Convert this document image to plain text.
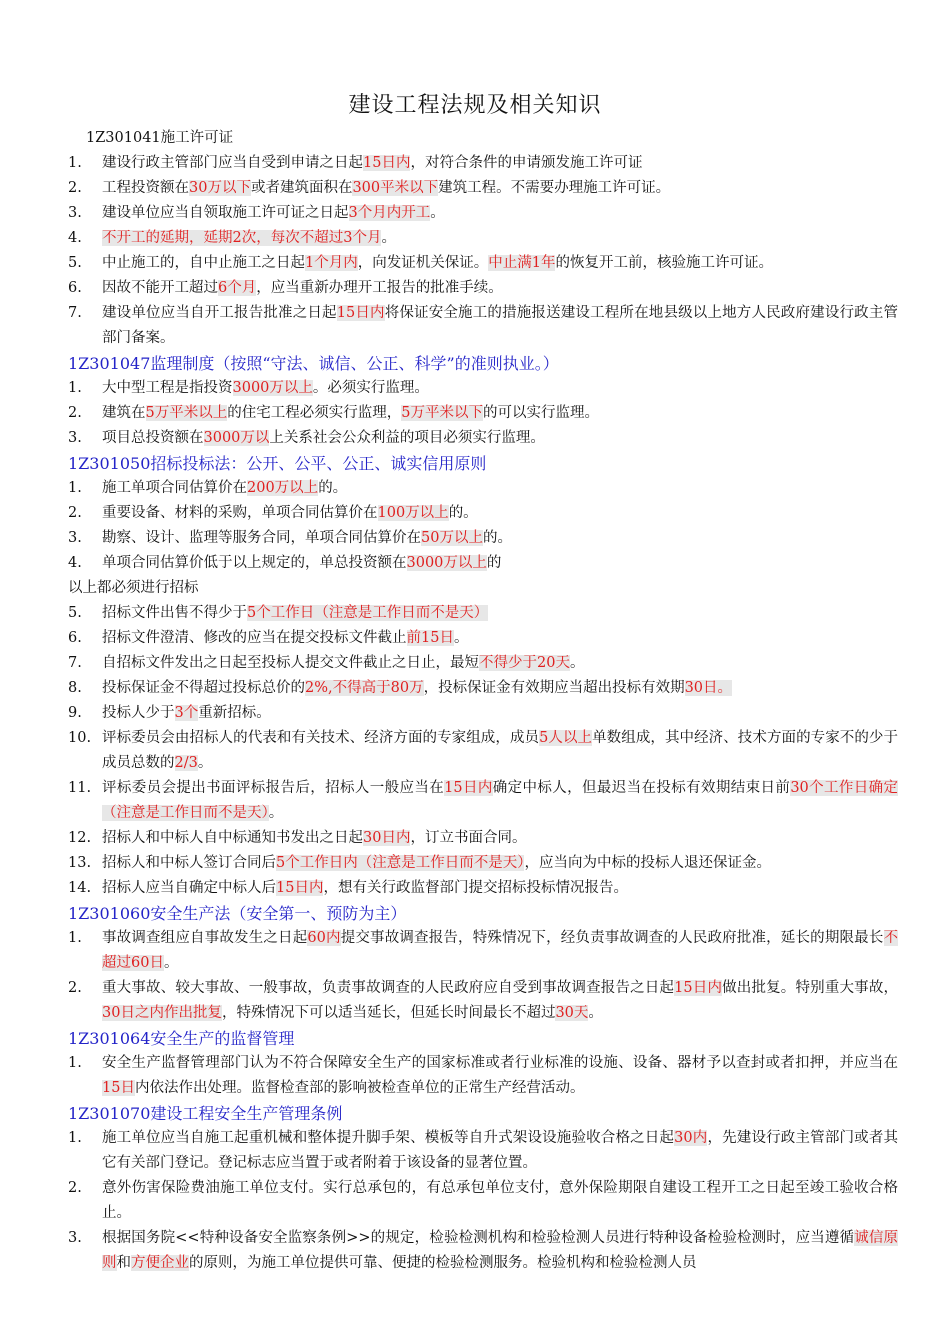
建设工程法规及相关知识
1Z301041施工许可证
1. 建设行政主管部门应当自受到申请之日起15日内，对符合条件的申请颁发施工许可证
2. 工程投资额在30万以下或者建筑面积在300平米以下建筑工程。不需要办理施工许可证。
3. 建设单位应当自领取施工许可证之日起3个月内开工。
4. 不开工的延期，延期2次，每次不超过3个月。
5. 中止施工的，自中止施工之日起1个月内，向发证机关保证。中止满1年的恢复开工前，核验施工许可证。
6. 因故不能开工超过6个月，应当重新办理开工报告的批准手续。
7. 建设单位应当自开工报告批准之日起15日内将保证安全施工的措施报送建设工程所在地县级以上地方人民政府建设行政主管部门备案。
1Z301047监理制度（按照“守法、诚信、公正、科学”的准则执业。）
1. 大中型工程是指投资3000万以上。必须实行监理。
2. 建筑在5万平米以上的住宅工程必须实行监理，5万平米以下的可以实行监理。
3. 项目总投资额在3000万以上关系社会公众利益的项目必须实行监理。
1Z301050招标投标法：公开、公平、公正、诚实信用原则
1. 施工单项合同估算价在200万以上的。
2. 重要设备、材料的采购，单项合同估算价在100万以上的。
3. 勘察、设计、监理等服务合同，单项合同估算价在50万以上的。
4. 单项合同估算价低于以上规定的，单总投资额在3000万以上的
以上都必须进行招标
5. 招标文件出售不得少于5个工作日（注意是工作日而不是天）
6. 招标文件澄清、修改的应当在提交投标文件截止前15日。
7. 自招标文件发出之日起至投标人提交文件截止之日止，最短不得少于20天。
8. 投标保证金不得超过投标总价的2%,不得高于80万，投标保证金有效期应当超出投标有效期30日。
9. 投标人少于3个重新招标。
10. 评标委员会由招标人的代表和有关技术、经济方面的专家组成，成员5人以上单数组成，其中经济、技术方面的专家不的少于成员总数的2/3。
11. 评标委员会提出书面评标报告后，招标人一般应当在15日内确定中标人，但最迟当在投标有效期结束日前30个工作日确定（注意是工作日而不是天）。
12. 招标人和中标人自中标通知书发出之日起30日内，订立书面合同。
13. 招标人和中标人签订合同后5个工作日内（注意是工作日而不是天），应当向为中标的投标人退还保证金。
14. 招标人应当自确定中标人后15日内，想有关行政监督部门提交招标投标情况报告。
1Z301060安全生产法（安全第一、预防为主）
1. 事故调查组应自事故发生之日起60内提交事故调查报告，特殊情况下，经负责事故调查的人民政府批准，延长的期限最长不超过60日。
2. 重大事故、较大事故、一般事故，负责事故调查的人民政府应自受到事故调查报告之日起15日内做出批复。特别重大事故，30日之内作出批复，特殊情况下可以适当延长，但延长时间最长不超过30天。
1Z301064安全生产的监督管理
1. 安全生产监督管理部门认为不符合保障安全生产的国家标准或者行业标准的设施、设备、器材予以查封或者扣押，并应当在15日内依法作出处理。监督检查部的影响被检查单位的正常生产经营活动。
1Z301070建设工程安全生产管理条例
1. 施工单位应当自施工起重机械和整体提升脚手架、模板等自升式架设设施验收合格之日起30内，先建设行政主管部门或者其它有关部门登记。登记标志应当置于或者附着于该设备的显著位置。
2. 意外伤害保险费油施工单位支付。实行总承包的，有总承包单位支付，意外保险期限自建设工程开工之日起至竣工验收合格止。
3. 根据国务院<<特种设备安全监察条例>>的规定，检验检测机构和检验检测人员进行特种设备检验检测时，应当遵循诚信原则和方便企业的原则，为施工单位提供可靠、便捷的检验检测服务。检验机构和检验检测人员
